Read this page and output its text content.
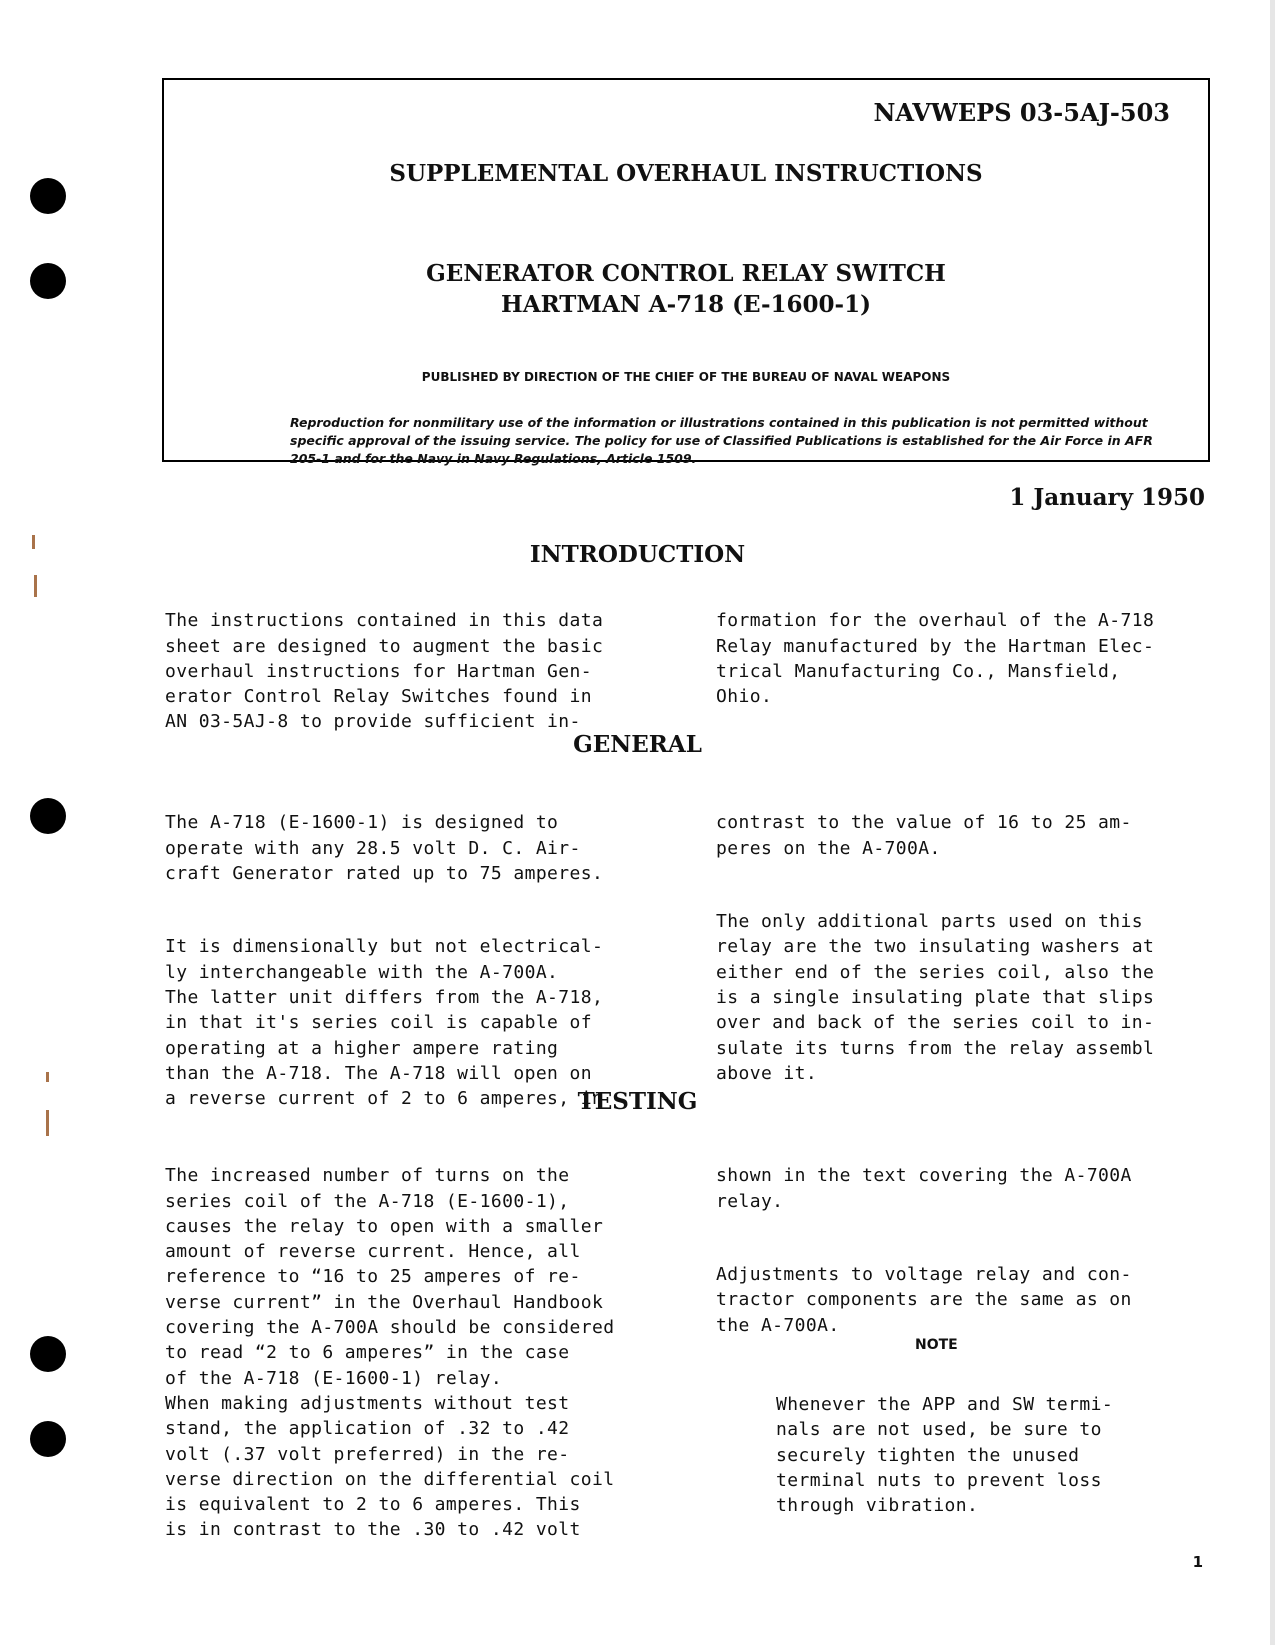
NAVWEPS 03-5AJ-503
SUPPLEMENTAL OVERHAUL INSTRUCTIONS
GENERATOR CONTROL RELAY SWITCH
HARTMAN A-718 (E-1600-1)
PUBLISHED BY DIRECTION OF THE CHIEF OF THE BUREAU OF NAVAL WEAPONS
Reproduction for nonmilitary use of the information or illustrations contained in this publication is not permitted without specific approval of the issuing service. The policy for use of Classified Publications is established for the Air Force in AFR 205-1 and for the Navy in Navy Regulations, Article 1509.
1 January 1950
INTRODUCTION

The instructions contained in this data
sheet are designed to augment the basic
overhaul instructions for Hartman Gen-
erator Control Relay Switches found in
AN 03-5AJ-8 to provide sufficient in-

formation for the overhaul of the A-718
Relay manufactured by the Hartman Elec-
trical Manufacturing Co., Mansfield,
Ohio.

GENERAL

The A-718 (E-1600-1) is designed to
operate with any 28.5 volt D. C. Air-
craft Generator rated up to 75 amperes.

It is dimensionally but not electrical-
ly interchangeable with the A-700A.
The latter unit differs from the A-718,
in that it's series coil is capable of
operating at a higher ampere rating
than the A-718. The A-718 will open on
a reverse current of 2 to 6 amperes, in

contrast to the value of 16 to 25 am-
peres on the A-700A.

The only additional parts used on this
relay are the two insulating washers at
either end of the series coil, also the
is a single insulating plate that slips
over and back of the series coil to in-
sulate its turns from the relay assembl
above it.

TESTING

The increased number of turns on the
series coil of the A-718 (E-1600-1),
causes the relay to open with a smaller
amount of reverse current. Hence, all
reference to “16 to 25 amperes of re-
verse current” in the Overhaul Handbook
covering the A-700A should be considered
to read “2 to 6 amperes” in the case
of the A-718 (E-1600-1) relay.
When making adjustments without test
stand, the application of .32 to .42
volt (.37 volt preferred) in the re-
verse direction on the differential coil
is equivalent to 2 to 6 amperes. This
is in contrast to the .30 to .42 volt

shown in the text covering the A-700A
relay.

Adjustments to voltage relay and con-
tractor components are the same as on
the A-700A.

NOTE
Whenever the APP and SW termi-
nals are not used, be sure to
securely tighten the unused
terminal nuts to prevent loss
through vibration.
1
